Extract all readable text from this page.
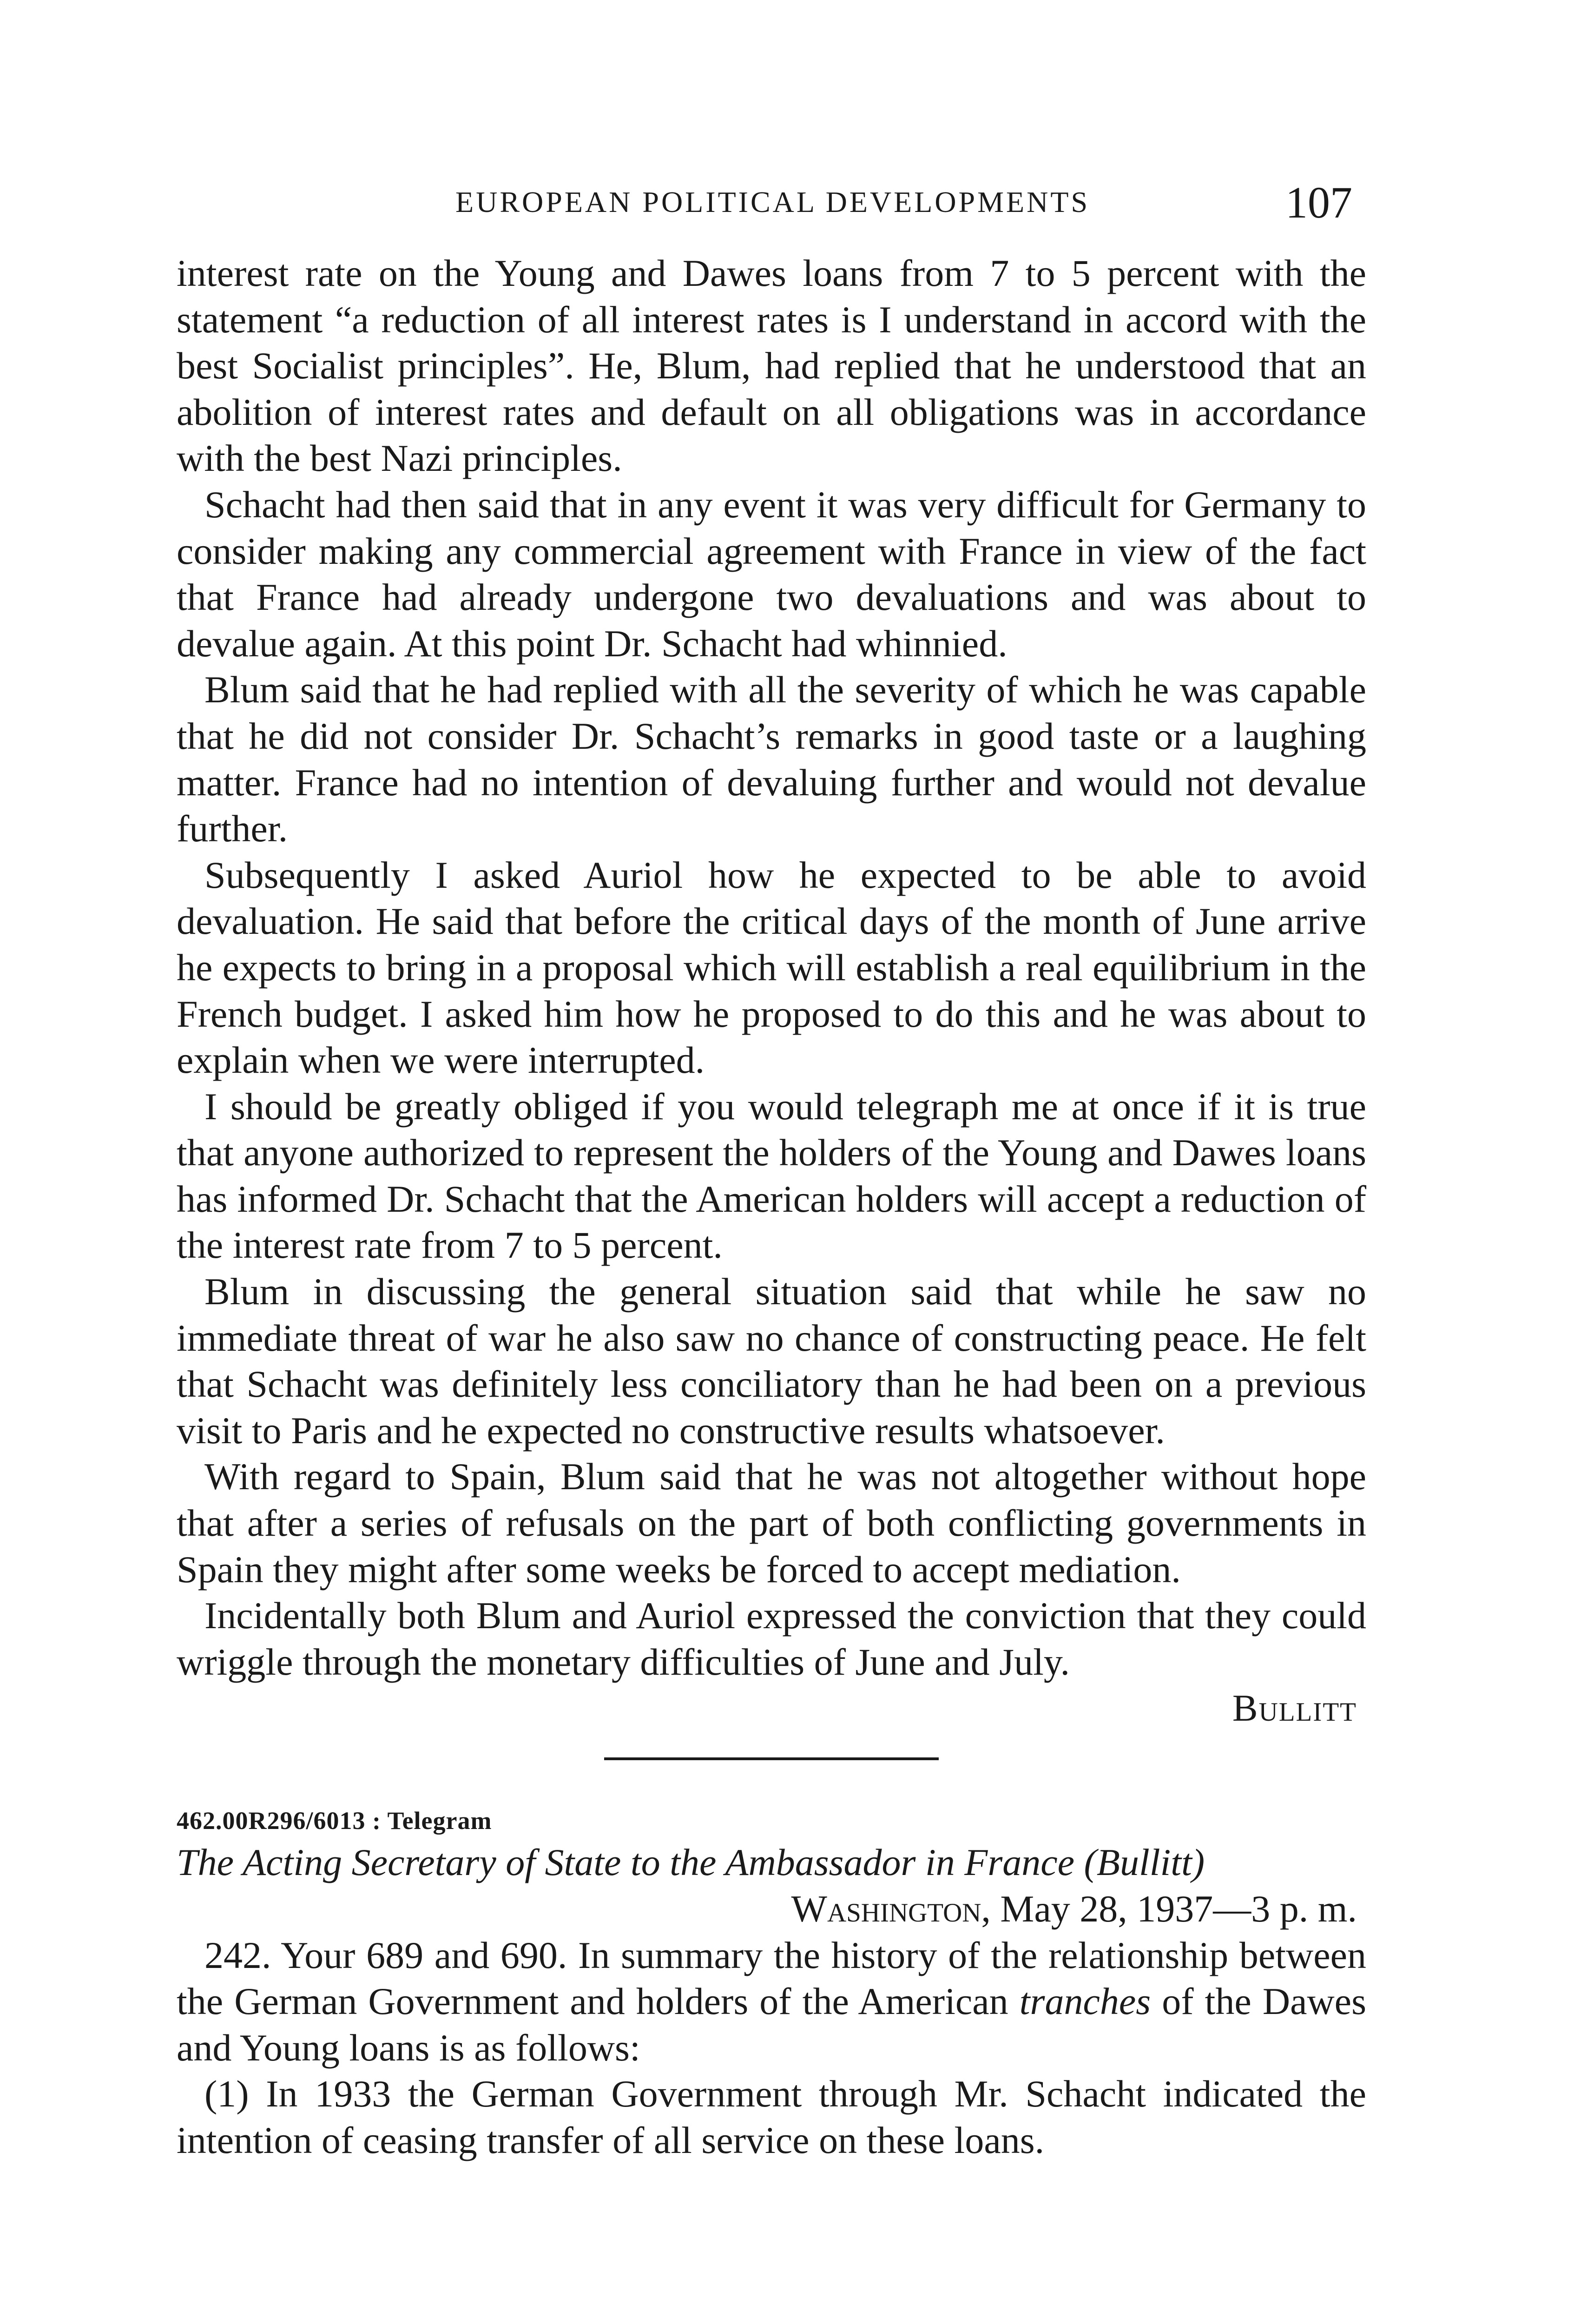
EUROPEAN POLITICAL DEVELOPMENTS	107

interest rate on the Young and Dawes loans from 7 to 5 percent with the statement “a reduction of all interest rates is I understand in accord with the best Socialist principles”. He, Blum, had replied that he understood that an abolition of interest rates and default on all obligations was in accordance with the best Nazi principles.

Schacht had then said that in any event it was very difficult for Germany to consider making any commercial agreement with France in view of the fact that France had already undergone two devaluations and was about to devalue again. At this point Dr. Schacht had whinnied.

Blum said that he had replied with all the severity of which he was capable that he did not consider Dr. Schacht’s remarks in good taste or a laughing matter. France had no intention of devaluing further and would not devalue further.

Subsequently I asked Auriol how he expected to be able to avoid devaluation. He said that before the critical days of the month of June arrive he expects to bring in a proposal which will establish a real equilibrium in the French budget. I asked him how he proposed to do this and he was about to explain when we were interrupted.

I should be greatly obliged if you would telegraph me at once if it is true that anyone authorized to represent the holders of the Young and Dawes loans has informed Dr. Schacht that the American holders will accept a reduction of the interest rate from 7 to 5 percent.

Blum in discussing the general situation said that while he saw no immediate threat of war he also saw no chance of constructing peace. He felt that Schacht was definitely less conciliatory than he had been on a previous visit to Paris and he expected no constructive results whatsoever.

With regard to Spain, Blum said that he was not altogether without hope that after a series of refusals on the part of both conflicting governments in Spain they might after some weeks be forced to accept mediation.

Incidentally both Blum and Auriol expressed the conviction that they could wriggle through the monetary difficulties of June and July.

Bullitt

462.00R296/6013 : Telegram

The Acting Secretary of State to the Ambassador in France (Bullitt)

Washington, May 28, 1937—3 p. m.

242. Your 689 and 690. In summary the history of the relationship between the German Government and holders of the American tranches of the Dawes and Young loans is as follows:

(1) In 1933 the German Government through Mr. Schacht indicated the intention of ceasing transfer of all service on these loans.
